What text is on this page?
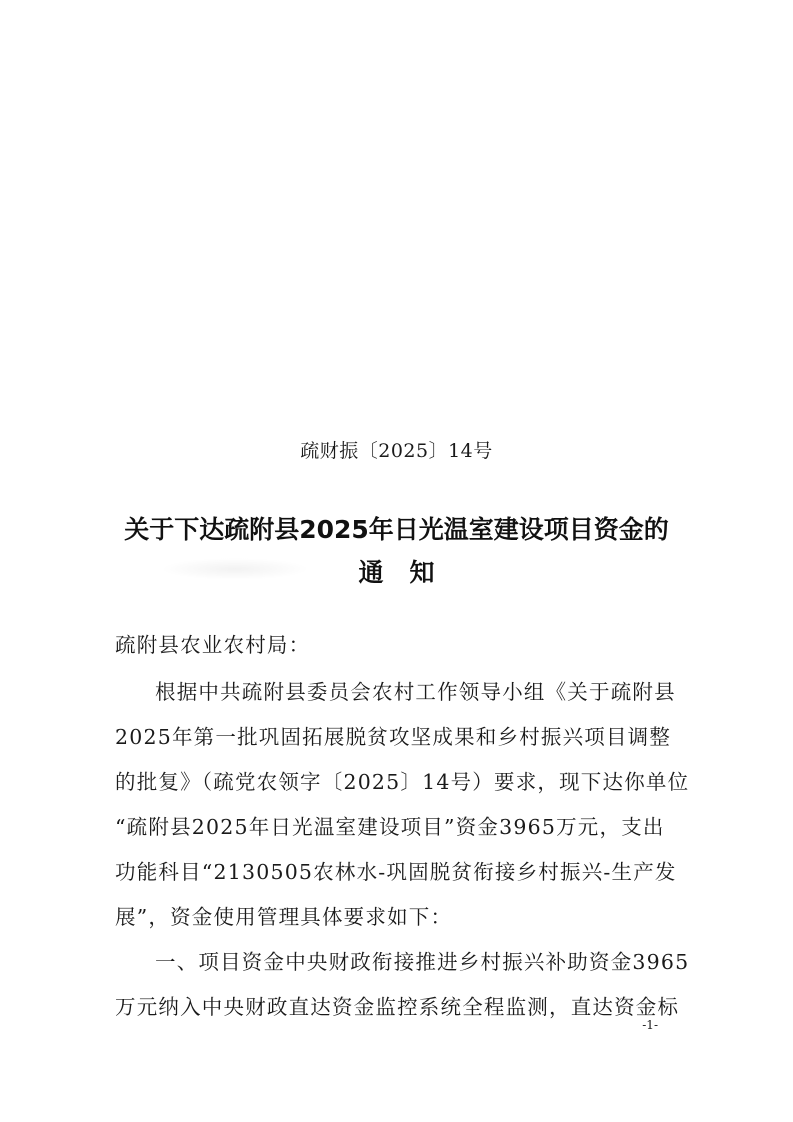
疏财振〔2025〕14号
关于下达疏附县2025年日光温室建设项目资金的
通知
疏附县农业农村局：
根据中共疏附县委员会农村工作领导小组《关于疏附县
2025年第一批巩固拓展脱贫攻坚成果和乡村振兴项目调整
的批复》（疏党农领字〔2025〕14号）要求，现下达你单位
“疏附县2025年日光温室建设项目”资金3965万元，支出
功能科目“2130505农林水-巩固脱贫衔接乡村振兴-生产发
展”，资金使用管理具体要求如下：
一、项目资金中央财政衔接推进乡村振兴补助资金3965
万元纳入中央财政直达资金监控系统全程监测，直达资金标
-1-
